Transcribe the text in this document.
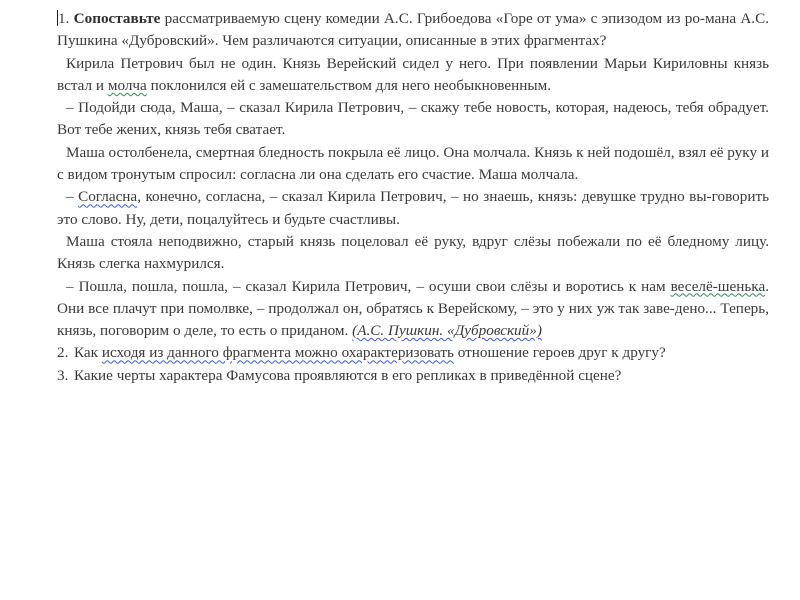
1. Сопоставьте рассматриваемую сцену комедии А.С. Грибоедова «Горе от ума» с эпизодом из ро-мана А.С. Пушкина «Дубровский». Чем различаются ситуации, описанные в этих фрагментах?

Кирила Петрович был не один. Князь Верейский сидел у него. При появлении Марьи Кириловны князь встал и молча поклонился ей с замешательством для него необыкновенным.

– Подойди сюда, Маша, – сказал Кирила Петрович, – скажу тебе новость, которая, надеюсь, тебя обрадует. Вот тебе жених, князь тебя сватает.

Маша остолбенела, смертная бледность покрыла её лицо. Она молчала. Князь к ней подошёл, взял её руку и с видом тронутым спросил: согласна ли она сделать его счастие. Маша молчала.

– Согласна, конечно, согласна, – сказал Кирила Петрович, – но знаешь, князь: девушке трудно вы-говорить это слово. Ну, дети, поцалуйтесь и будьте счастливы.

Маша стояла неподвижно, старый князь поцеловал её руку, вдруг слёзы побежали по её бледному лицу. Князь слегка нахмурился.

– Пошла, пошла, пошла, – сказал Кирила Петрович, – осуши свои слёзы и воротись к нам веселё-шенька. Они все плачут при помолвке, – продолжал он, обратясь к Верейскому, – это у них уж так заве-дено... Теперь, князь, поговорим о деле, то есть о приданом. (А.С. Пушкин. «Дубровский»)

2. Как исходя из данного фрагмента можно охарактеризовать отношение героев друг к другу?

3. Какие черты характера Фамусова проявляются в его репликах в приведённой сцене?
